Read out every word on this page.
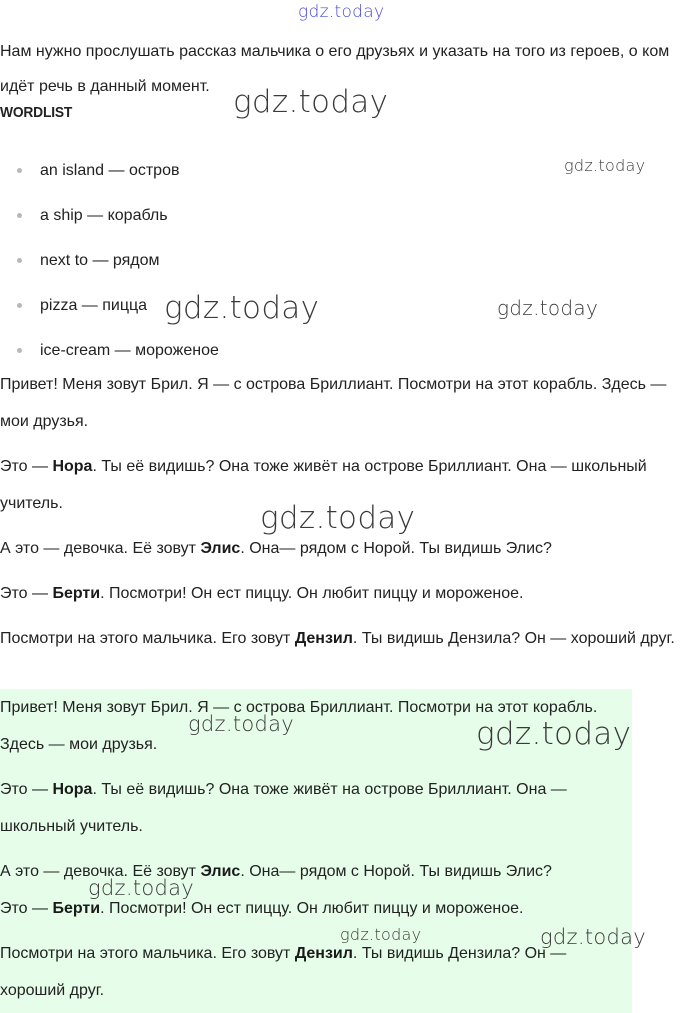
gdz.today

Нам нужно прослушать рассказ мальчика о его друзьях и указать на того из героев, о ком идёт речь в данный момент.

WORDLIST
an island — остров
a ship — корабль
next to — рядом
pizza — пицца
ice-cream — мороженое

Привет! Меня зовут Брил. Я — с острова Бриллиант. Посмотри на этот корабль. Здесь — мои друзья.

Это — Нора. Ты её видишь? Она тоже живёт на острове Бриллиант. Она — школьный учитель.

А это — девочка. Её зовут Элис. Она— рядом с Норой. Ты видишь Элис?

Это — Берти. Посмотри! Он ест пиццу. Он любит пиццу и мороженое.

Посмотри на этого мальчика. Его зовут Дензил. Ты видишь Дензила? Он — хороший друг.

Привет! Меня зовут Брил. Я — с острова Бриллиант. Посмотри на этот корабль. Здесь — мои друзья.

Это — Нора. Ты её видишь? Она тоже живёт на острове Бриллиант. Она — школьный учитель.

А это — девочка. Её зовут Элис. Она— рядом с Норой. Ты видишь Элис?

Это — Берти. Посмотри! Он ест пиццу. Он любит пиццу и мороженое.

Посмотри на этого мальчика. Его зовут Дензил. Ты видишь Дензила? Он — хороший друг.

gdz.today
gdz.today
gdz.today	gdz.today
gdz.today
gdz.today	gdz.today
gdz.today
gdz.today	gdz.today
